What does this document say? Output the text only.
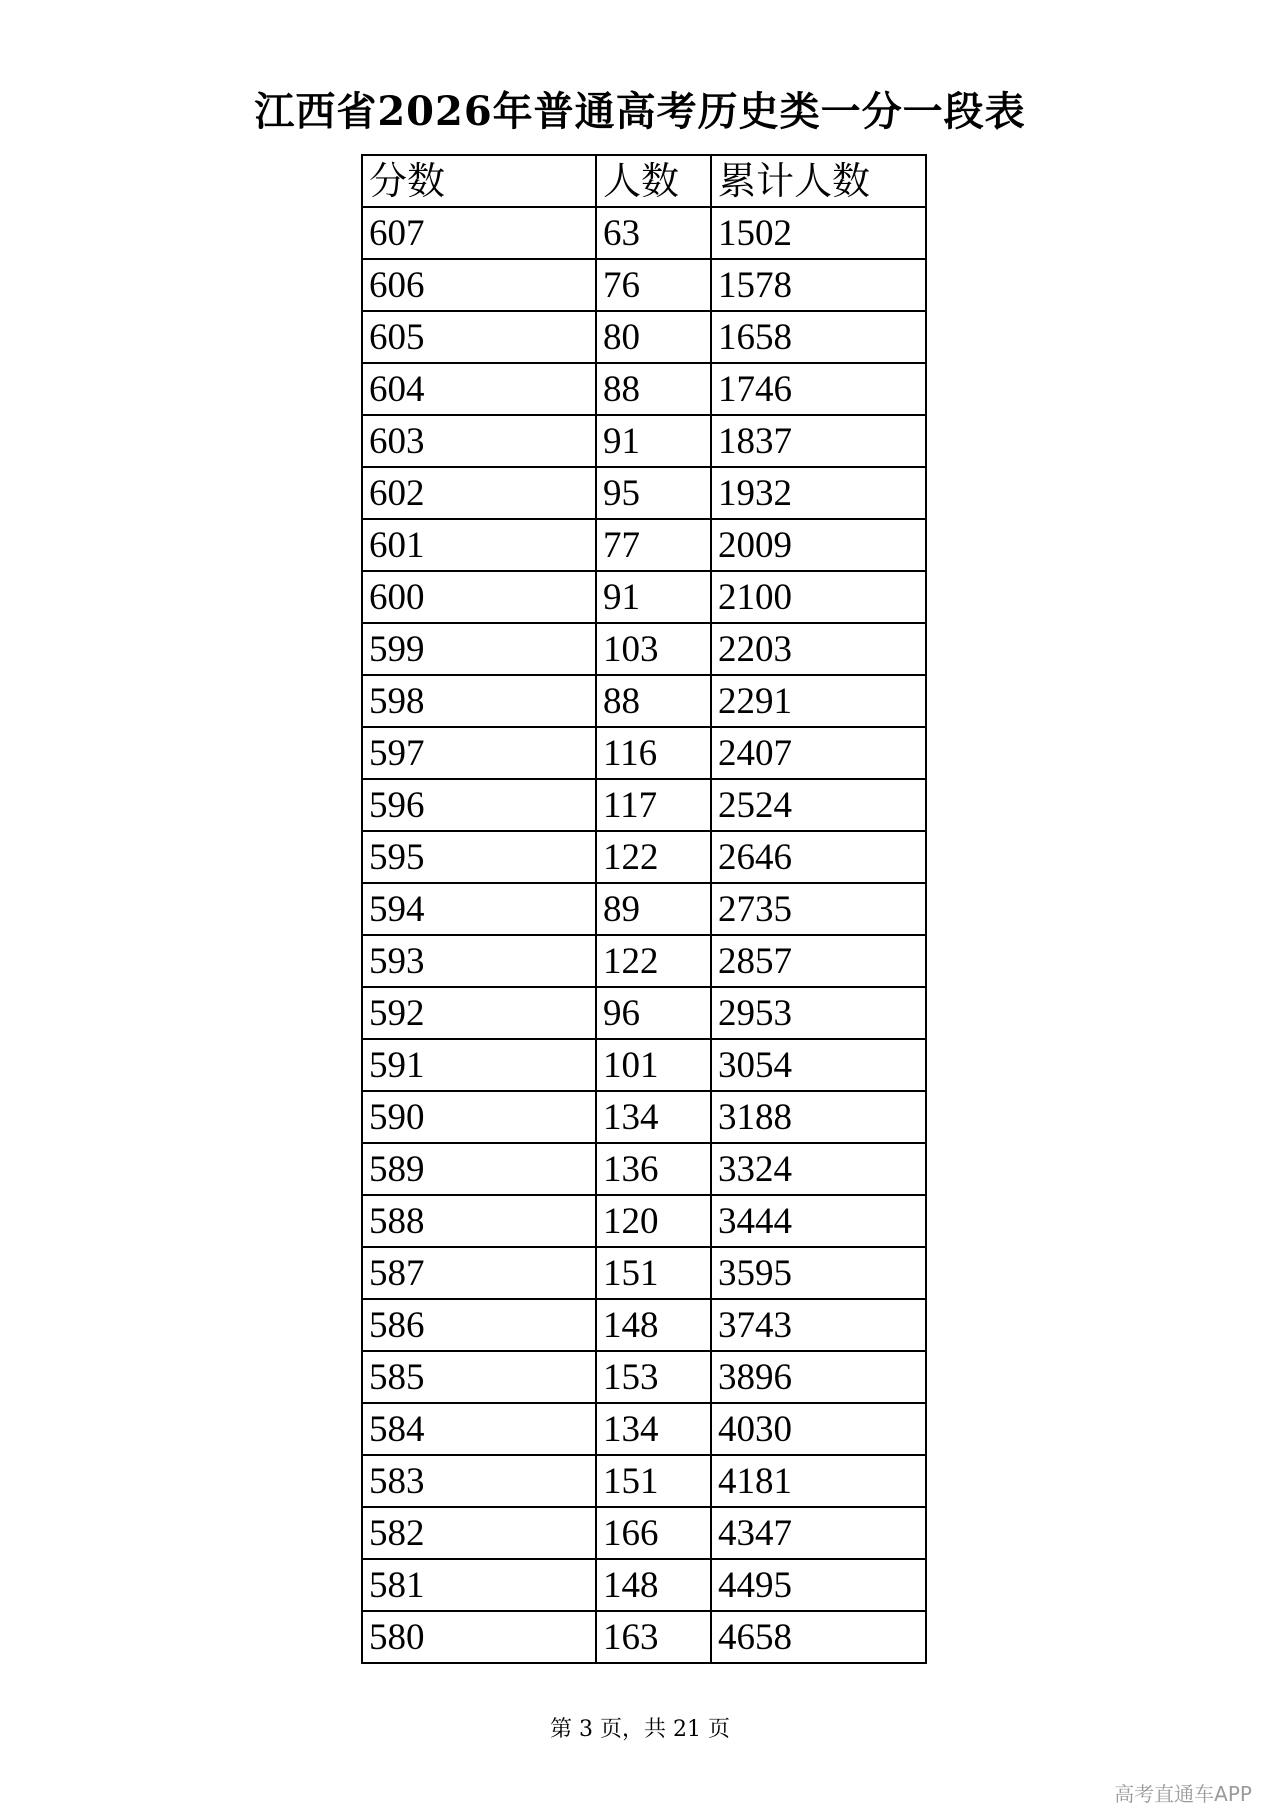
江西省2026年普通高考历史类一分一段表
分数	人数	累计人数
607	63	1502
606	76	1578
605	80	1658
604	88	1746
603	91	1837
602	95	1932
601	77	2009
600	91	2100
599	103	2203
598	88	2291
597	116	2407
596	117	2524
595	122	2646
594	89	2735
593	122	2857
592	96	2953
591	101	3054
590	134	3188
589	136	3324
588	120	3444
587	151	3595
586	148	3743
585	153	3896
584	134	4030
583	151	4181
582	166	4347
581	148	4495
580	163	4658
第 3 页，共 21 页
高考直通车APP
